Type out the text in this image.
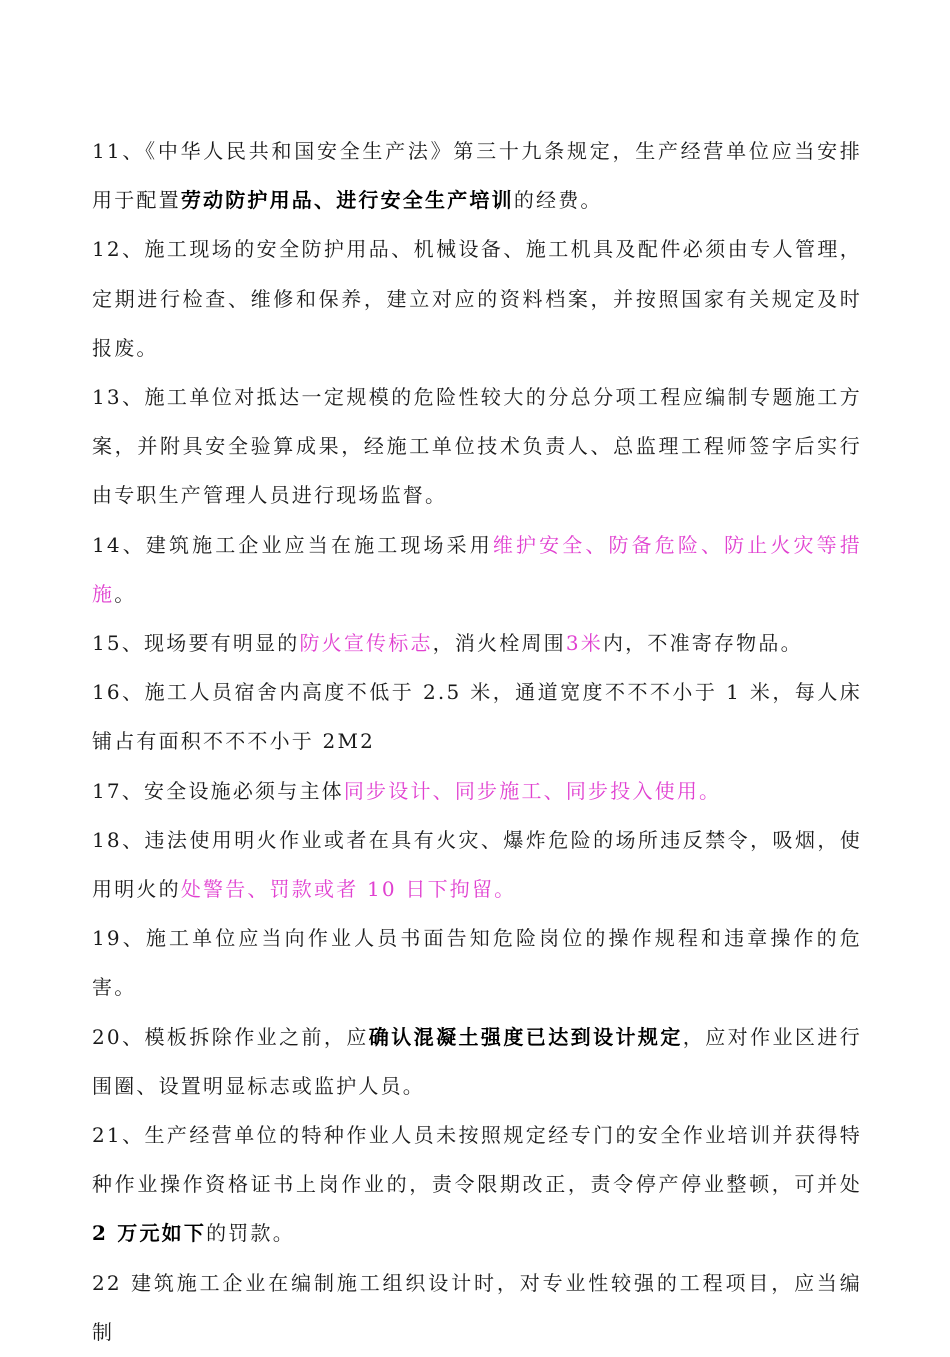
11、《中华人民共和国安全生产法》第三十九条规定，生产经营单位应当安排用于配置劳动防护用品、进行安全生产培训的经费。

12、施工现场的安全防护用品、机械设备、施工机具及配件必须由专人管理，定期进行检查、维修和保养，建立对应的资料档案，并按照国家有关规定及时报废。

13、施工单位对抵达一定规模的危险性较大的分总分项工程应编制专题施工方案，并附具安全验算成果，经施工单位技术负责人、总监理工程师签字后实行由专职生产管理人员进行现场监督。

14、建筑施工企业应当在施工现场采用维护安全、防备危险、防止火灾等措施。

15、现场要有明显的防火宣传标志，消火栓周围3米内，不准寄存物品。

16、施工人员宿舍内高度不低于 2.5 米，通道宽度不不不小于 1 米，每人床铺占有面积不不不小于 2M2

17、安全设施必须与主体同步设计、同步施工、同步投入使用。

18、违法使用明火作业或者在具有火灾、爆炸危险的场所违反禁令，吸烟，使用明火的处警告、罚款或者 10 日下拘留。

19、施工单位应当向作业人员书面告知危险岗位的操作规程和违章操作的危害。

20、模板拆除作业之前，应确认混凝土强度已达到设计规定，应对作业区进行围圈、设置明显标志或监护人员。

21、生产经营单位的特种作业人员未按照规定经专门的安全作业培训并获得特种作业操作资格证书上岗作业的，责令限期改正，责令停产停业整顿，可并处2 万元如下的罚款。

22 建筑施工企业在编制施工组织设计时，对专业性较强的工程项目，应当编制
